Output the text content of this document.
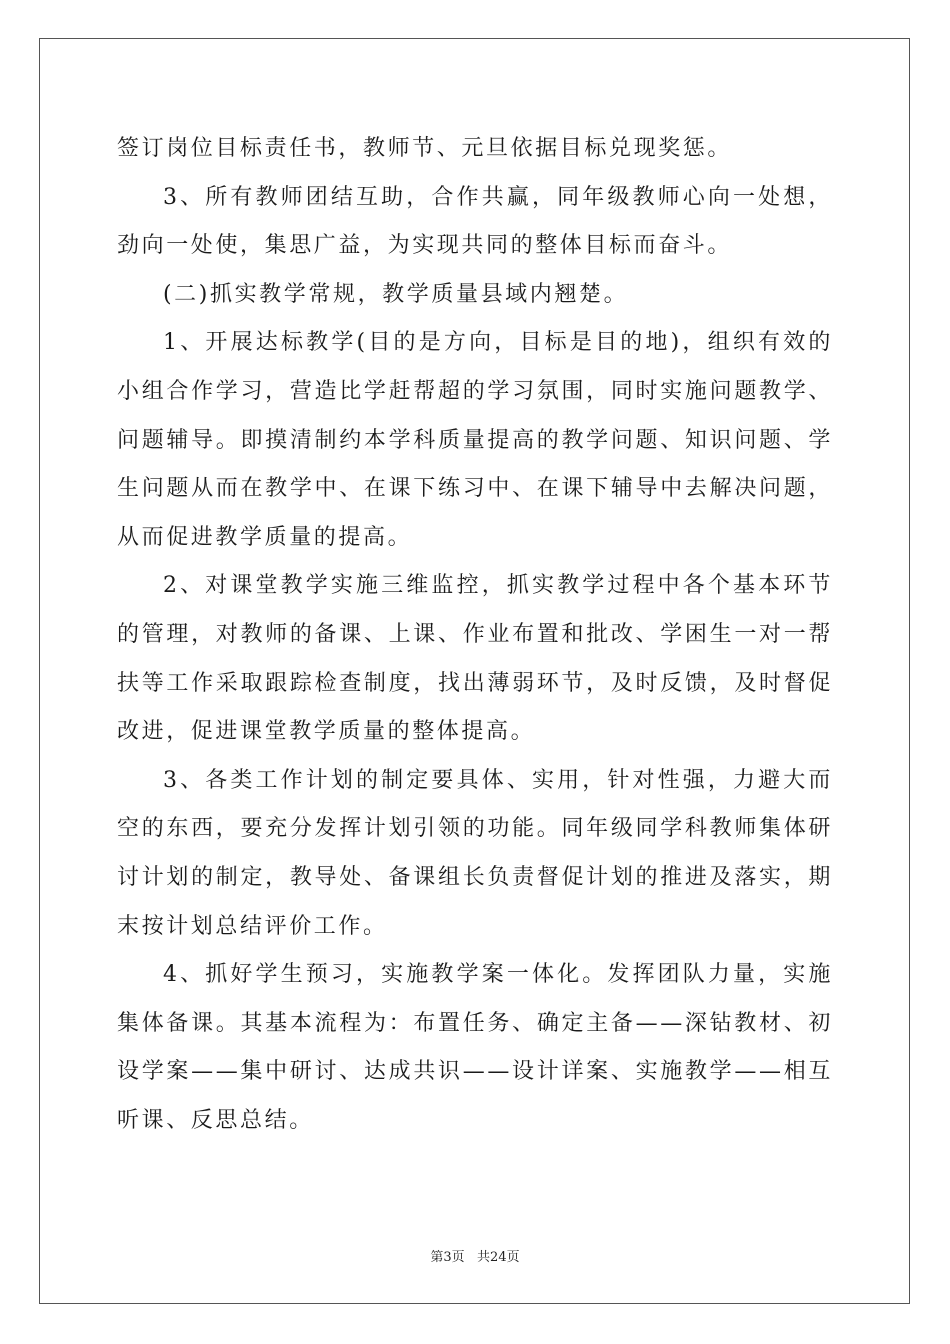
签订岗位目标责任书，教师节、元旦依据目标兑现奖惩。

3、所有教师团结互助，合作共赢，同年级教师心向一处想，劲向一处使，集思广益，为实现共同的整体目标而奋斗。

(二)抓实教学常规，教学质量县域内翘楚。

1、开展达标教学(目的是方向，目标是目的地)，组织有效的小组合作学习，营造比学赶帮超的学习氛围，同时实施问题教学、问题辅导。即摸清制约本学科质量提高的教学问题、知识问题、学生问题从而在教学中、在课下练习中、在课下辅导中去解决问题，从而促进教学质量的提高。

2、对课堂教学实施三维监控，抓实教学过程中各个基本环节的管理，对教师的备课、上课、作业布置和批改、学困生一对一帮扶等工作采取跟踪检查制度，找出薄弱环节，及时反馈，及时督促改进，促进课堂教学质量的整体提高。

3、各类工作计划的制定要具体、实用，针对性强，力避大而空的东西，要充分发挥计划引领的功能。同年级同学科教师集体研讨计划的制定，教导处、备课组长负责督促计划的推进及落实，期末按计划总结评价工作。

4、抓好学生预习，实施教学案一体化。发挥团队力量，实施集体备课。其基本流程为：布置任务、确定主备——深钻教材、初设学案——集中研讨、达成共识——设计详案、实施教学——相互听课、反思总结。

第3页   共24页
